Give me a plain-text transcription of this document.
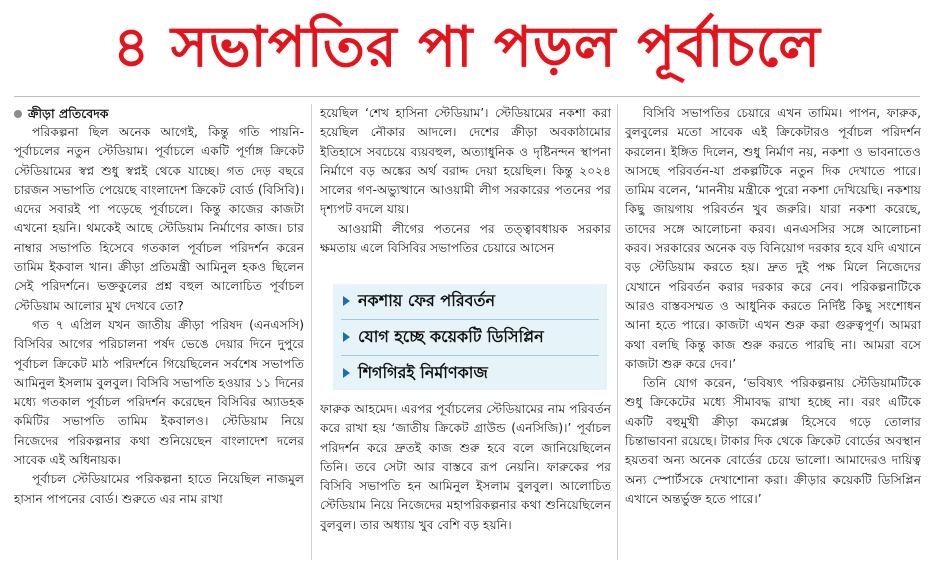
৪ সভাপতির পা পড়ল পূর্বাচলে
ক্রীড়া প্রতিবেদক

পরিকল্পনা ছিল অনেক আগেই, কিন্তু গতি পায়নি-পূর্বাচলের নতুন স্টেডিয়াম। পূর্বাচলে একটি পূর্ণাঙ্গ ক্রিকেট স্টেডিয়ামের স্বপ্ন শুধু স্বপ্নই থেকে যাচ্ছে। গত দেড় বছরে চারজন সভাপতি পেয়েছে বাংলাদেশ ক্রিকেট বোর্ড (বিসিবি)। এদের সবারই পা পড়েছে পূর্বাচলে। কিন্তু কাজের কাজটা এখনো হয়নি। থমকেই আছে স্টেডিয়াম নির্মাণের কাজ। চার নাম্বার সভাপতি হিসেবে গতকাল পূর্বাচল পরিদর্শন করেন তামিম ইকবাল খান। ক্রীড়া প্রতিমন্ত্রী আমিনুল হকও ছিলেন সেই পরিদর্শনে। ভক্তকুলের প্রশ্ন বহুল আলোচিত পূর্বাচল স্টেডিয়াম আলোর মুখ দেখবে তো?

গত ৭ এপ্রিল যখন জাতীয় ক্রীড়া পরিষদ (এনএসসি) বিসিবির আগের পরিচালনা পর্ষদ ভেঙে দেয়ার দিনে দুপুরে পূর্বাচল ক্রিকেট মাঠ পরিদর্শনে গিয়েছিলেন সর্বশেষ সভাপতি আমিনুল ইসলাম বুলবুল। বিসিবি সভাপতি হওয়ার ১১ দিনের মধ্যে গতকাল পূর্বাচল পরিদর্শন করেছেন বিসিবির অ্যাডহক কমিটির সভাপতি তামিম ইকবালও। স্টেডিয়াম নিয়ে নিজেদের পরিকল্পনার কথা শুনিয়েছেন বাংলাদেশ দলের সাবেক এই অধিনায়ক।

পূর্বাচল স্টেডিয়ামের পরিকল্পনা হাতে নিয়েছিল নাজমুল হাসান পাপনের বোর্ড। শুরুতে এর নাম রাখা

হয়েছিল ‘শেখ হাসিনা স্টেডিয়াম’। স্টেডিয়ামের নকশা করা হয়েছিল নৌকার আদলে। দেশের ক্রীড়া অবকাঠামোর ইতিহাসে সবচেয়ে ব্যয়বহুল, অত্যাধুনিক ও দৃষ্টিনন্দন স্থাপনা নির্মাণে বড় অঙ্কের অর্থ বরাদ্দ দেয়া হয়েছিল। কিন্তু ২০২৪ সালের গণ-অভ্যুত্থানে আওয়ামী লীগ সরকারের পতনের পর দৃশ্যপট বদলে যায়।

আওয়ামী লীগের পতনের পর তত্ত্বাবধায়ক সরকার ক্ষমতায় এলে বিসিবির সভাপতির চেয়ারে আসেন

নকশায় ফের পরিবর্তন
যোগ হচ্ছে কয়েকটি ডিসিপ্লিন
শিগগিরই নির্মাণকাজ

ফারুক আহমেদ। এরপর পূর্বাচলের স্টেডিয়ামের নাম পরিবর্তন করে রাখা হয় ‘জাতীয় ক্রিকেট গ্রাউন্ড (এনসিজি)।’ পূর্বাচল পরিদর্শন করে দ্রুতই কাজ শুরু হবে বলে জানিয়েছিলেন তিনি। তবে সেটা আর বাস্তবে রূপ নেয়নি। ফারুকের পর বিসিবি সভাপতি হন আমিনুল ইসলাম বুলবুল। আলোচিত স্টেডিয়াম নিয়ে নিজেদের মহাপরিকল্পনার কথা শুনিয়েছিলেন বুলবুল। তার অধ্যায় খুব বেশি বড় হয়নি।

বিসিবি সভাপতির চেয়ারে এখন তামিম। পাপন, ফারুক, বুলবুলের মতো সাবেক এই ক্রিকেটারও পূর্বাচল পরিদর্শন করলেন। ইঙ্গিত দিলেন, শুধু নির্মাণ নয়, নকশা ও ভাবনাতেও আসছে পরিবর্তন-যা প্রকল্পটিকে নতুন দিক দেখাতে পারে। তামিম বলেন, ‘মাননীয় মন্ত্রীকে পুরো নকশা দেখিয়েছি। নকশায় কিছু জায়গায় পরিবর্তন খুব জরুরি। যারা নকশা করেছে, তাদের সঙ্গে আলোচনা করব। এনএসসির সঙ্গে আলোচনা করব। সরকারের অনেক বড় বিনিয়োগ দরকার হবে যদি এখানে বড় স্টেডিয়াম করতে হয়। দ্রুত দুই পক্ষ মিলে নিজেদের যেখানে পরিবর্তন করার দরকার করে নেব। পরিকল্পনাটিকে আরও বাস্তবসম্মত ও আধুনিক করতে নির্দিষ্ট কিছু সংশোধন আনা হতে পারে। কাজটা এখন শুরু করা গুরুত্বপূর্ণ। আমরা কথা বলছি কিন্তু কাজ শুরু করতে পারছি না। আমরা বসে কাজটা শুরু করে দেব।’

তিনি যোগ করেন, ‘ভবিষ্যৎ পরিকল্পনায় স্টেডিয়ামটিকে শুধু ক্রিকেটের মধ্যে সীমাবদ্ধ রাখা হচ্ছে না। বরং এটিকে একটি বহুমুখী ক্রীড়া কমপ্লেক্স হিসেবে গড়ে তোলার চিন্তাভাবনা রয়েছে। টাকার দিক থেকে ক্রিকেট বোর্ডের অবস্থান হয়তবা অন্য অনেক বোর্ডের চেয়ে ভালো। আমাদেরও দায়িত্ব অন্য স্পোর্টসকে দেখাশোনা করা। ক্রীড়ার কয়েকটি ডিসিপ্লিন এখানে অন্তর্ভুক্ত হতে পারে।’
